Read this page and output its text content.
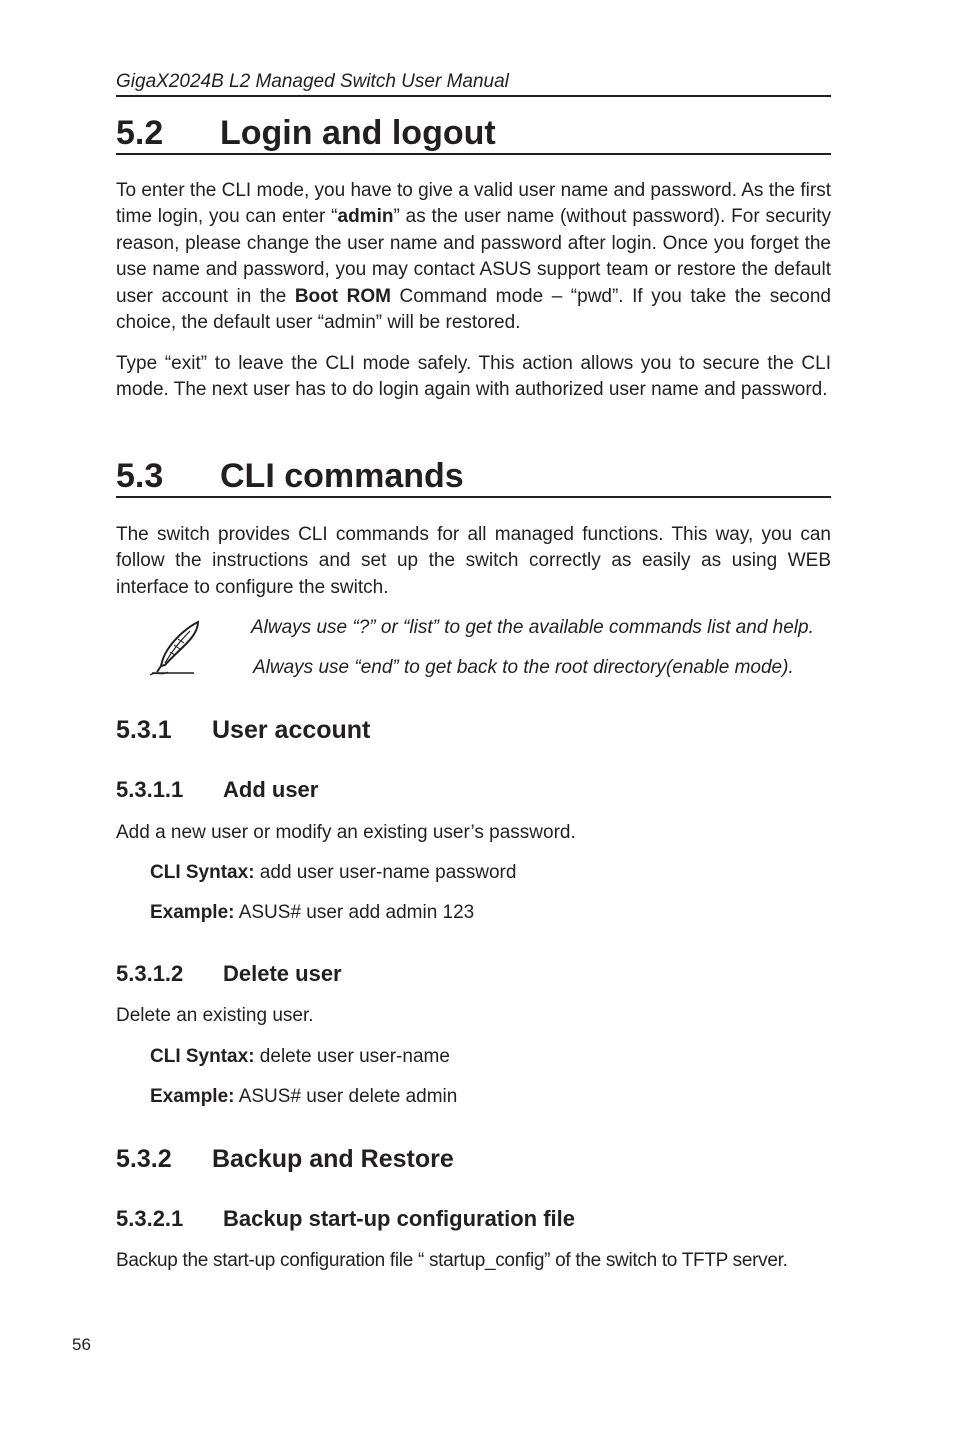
GigaX2024B L2 Managed Switch User Manual
5.2 Login and logout

To enter the CLI mode, you have to give a valid user name and password. As the first time login, you can enter “admin” as the user name (without password). For security reason, please change the user name and password after login. Once you forget the use name and password, you may contact ASUS support team or restore the default user account in the Boot ROM Command mode – “pwd”. If you take the second choice, the default user “admin” will be restored.

Type “exit” to leave the CLI mode safely. This action allows you to secure the CLI mode. The next user has to do login again with authorized user name and password.

5.3 CLI commands

The switch provides CLI commands for all managed functions. This way, you can follow the instructions and set up the switch correctly as easily as using WEB interface to configure the switch.

Always use “?” or “list” to get the available commands list and help.
Always use “end” to get back to the root directory(enable mode).
5.3.1 User account
5.3.1.1 Add user
Add a new user or modify an existing user’s password.
CLI Syntax: add user user-name password
Example: ASUS# user add admin 123
5.3.1.2 Delete user
Delete an existing user.
CLI Syntax: delete user user-name
Example: ASUS# user delete admin
5.3.2 Backup and Restore
5.3.2.1 Backup start-up configuration file
Backup the start-up configuration file “ startup_config” of the switch to TFTP server.
56
